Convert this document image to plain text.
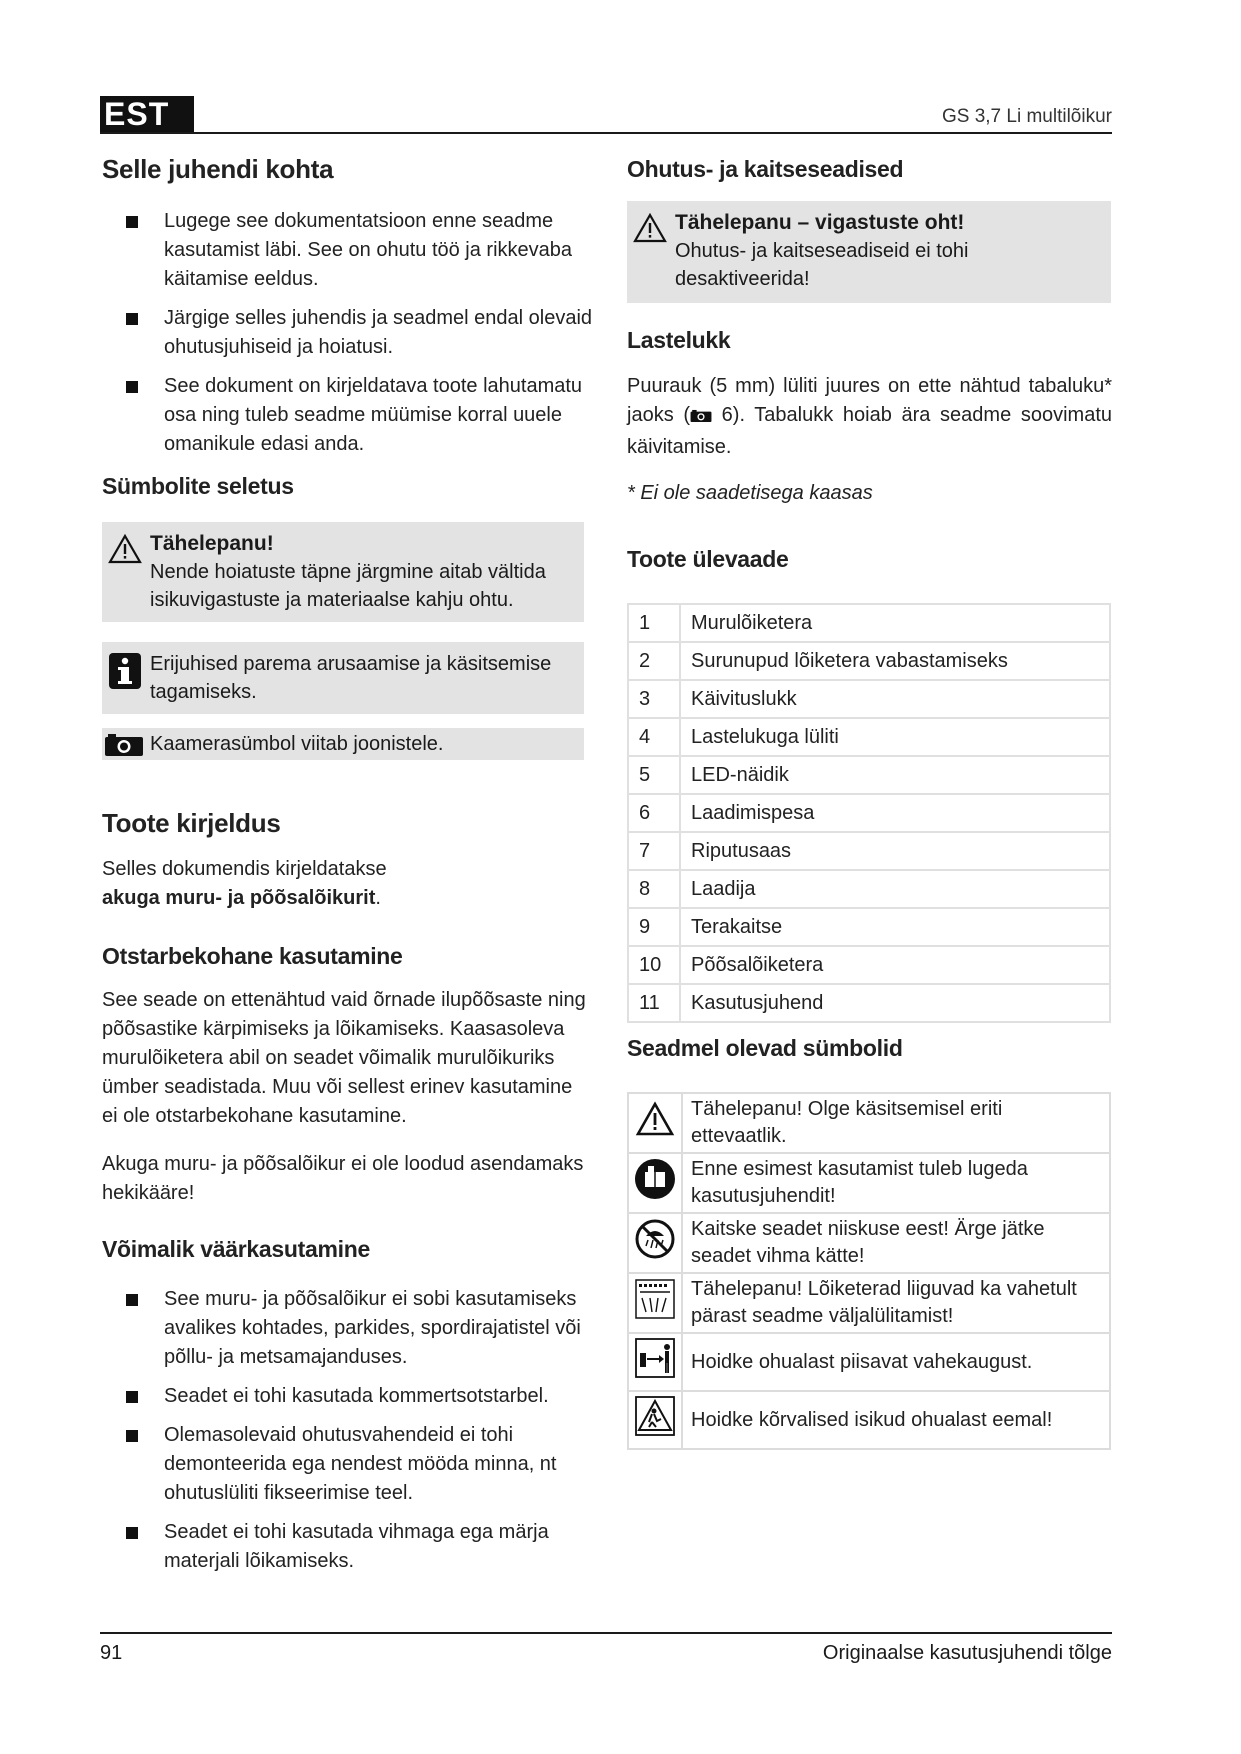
EST	GS 3,7 Li multilõikur
Selle juhendi kohta
Lugege see dokumentatsioon enne seadme kasutamist läbi. See on ohutu töö ja rikkevaba käitamise eeldus.
Järgige selles juhendis ja seadmel endal olevaid ohutusjuhiseid ja hoiatusi.
See dokument on kirjeldatava toote lahutamatu osa ning tuleb seadme müümise korral uuele omanikule edasi anda.
Sümbolite seletus
Tähelepanu!
Nende hoiatuste täpne järgmine aitab vältida isikuvigastuste ja materiaalse kahju ohtu.
Erijuhised parema arusaamise ja käsitsemise tagamiseks.
Kaamerasümbol viitab joonistele.
Toote kirjeldus

Selles dokumendis kirjeldatakse
akuga muru- ja põõsalõikurit.

Otstarbekohane kasutamine

See seade on ettenähtud vaid õrnade ilupõõsaste ning põõsastike kärpimiseks ja lõikamiseks. Kaasasoleva murulõiketera abil on seadet võimalik murulõikuriks ümber seadistada. Muu või sellest erinev kasutamine ei ole otstarbekohane kasutamine.

Akuga muru- ja põõsalõikur ei ole loodud asendamaks hekikääre!

Võimalik väärkasutamine
See muru- ja põõsalõikur ei sobi kasutamiseks avalikes kohtades, parkides, spordirajatistel või põllu- ja metsamajanduses.
Seadet ei tohi kasutada kommertsotstarbel.
Olemasolevaid ohutusvahendeid ei tohi demonteerida ega nendest mööda minna, nt ohutuslüliti fikseerimise teel.
Seadet ei tohi kasutada vihmaga ega märja materjali lõikamiseks.
Ohutus- ja kaitseseadised
Tähelepanu – vigastuste oht!
Ohutus- ja kaitseseadiseid ei tohi desaktiveerida!
Lastelukk

Puurauk (5 mm) lüliti juures on ette nähtud tabaluku* jaoks ( 6). Tabalukk hoiab ära seadme soovimatu käivitamise.

* Ei ole saadetisega kaasas

Toote ülevaade
1	Murulõiketera
2	Surunupud lõiketera vabastamiseks
3	Käivituslukk
4	Lastelukuga lüliti
5	LED-näidik
6	Laadimispesa
7	Riputusaas
8	Laadija
9	Terakaitse
10	Põõsalõiketera
11	Kasutusjuhend
Seadmel olevad sümbolid
	Tähelepanu! Olge käsitsemisel eriti ettevaatlik.
	Enne esimest kasutamist tuleb lugeda kasutusjuhendit!
	Kaitske seadet niiskuse eest! Ärge jätke seadet vihma kätte!
	Tähelepanu! Lõiketerad liiguvad ka vahetult pärast seadme väljalülitamist!
	Hoidke ohualast piisavat vahekaugust.
	Hoidke kõrvalised isikud ohualast eemal!
91	Originaalse kasutusjuhendi tõlge
